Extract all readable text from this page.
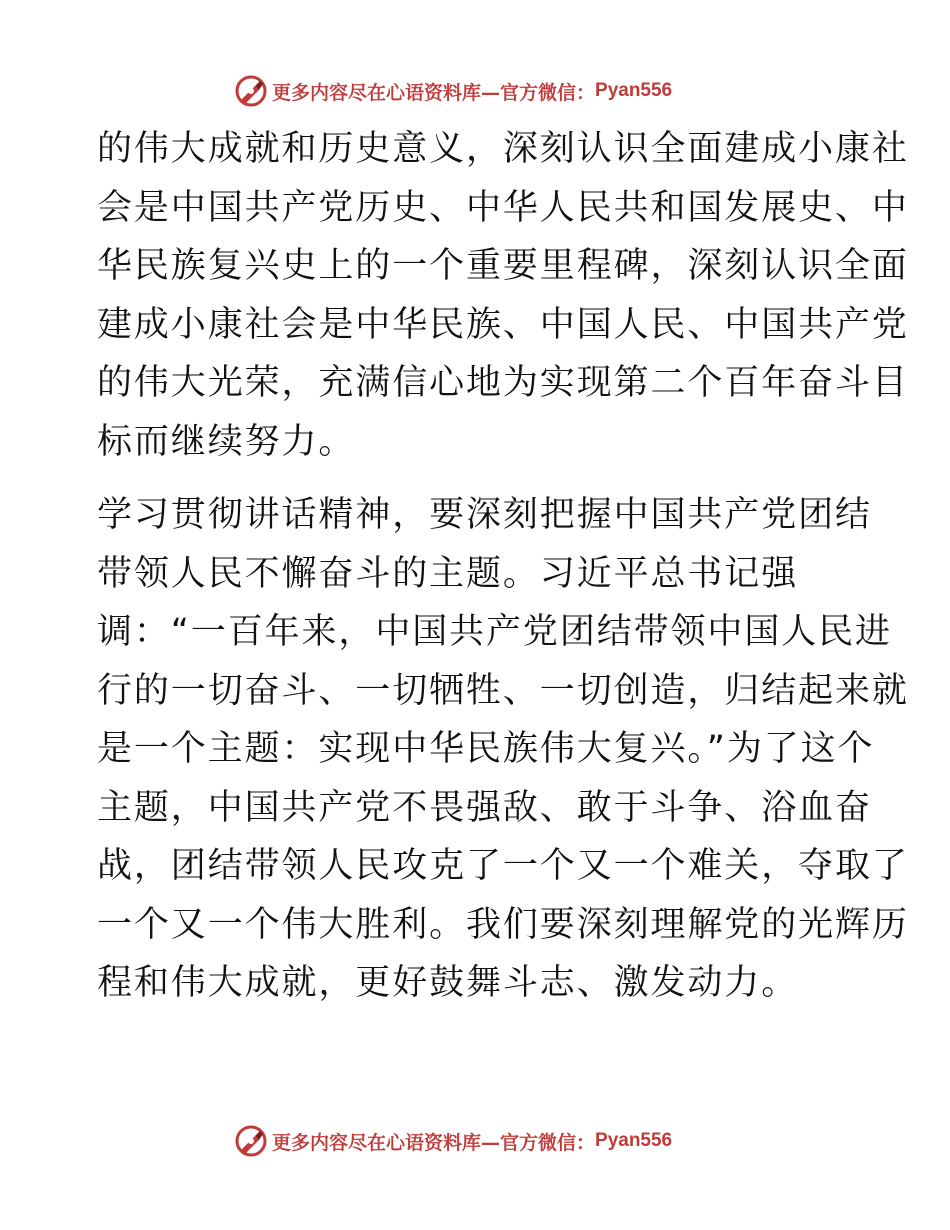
更多内容尽在心语资料库—官方微信： Pyan556
的伟大成就和历史意义，深刻认识全面建成小康社
会是中国共产党历史、中华人民共和国发展史、中
华民族复兴史上的一个重要里程碑，深刻认识全面
建成小康社会是中华民族、中国人民、中国共产党
的伟大光荣，充满信心地为实现第二个百年奋斗目
标而继续努力。
学习贯彻讲话精神，要深刻把握中国共产党团结
带领人民不懈奋斗的主题。习近平总书记强
调：“一百年来，中国共产党团结带领中国人民进
行的一切奋斗、一切牺牲、一切创造，归结起来就
是一个主题：实现中华民族伟大复兴。”为了这个
主题，中国共产党不畏强敌、敢于斗争、浴血奋
战，团结带领人民攻克了一个又一个难关，夺取了
一个又一个伟大胜利。我们要深刻理解党的光辉历
程和伟大成就，更好鼓舞斗志、激发动力。
更多内容尽在心语资料库—官方微信： Pyan556
